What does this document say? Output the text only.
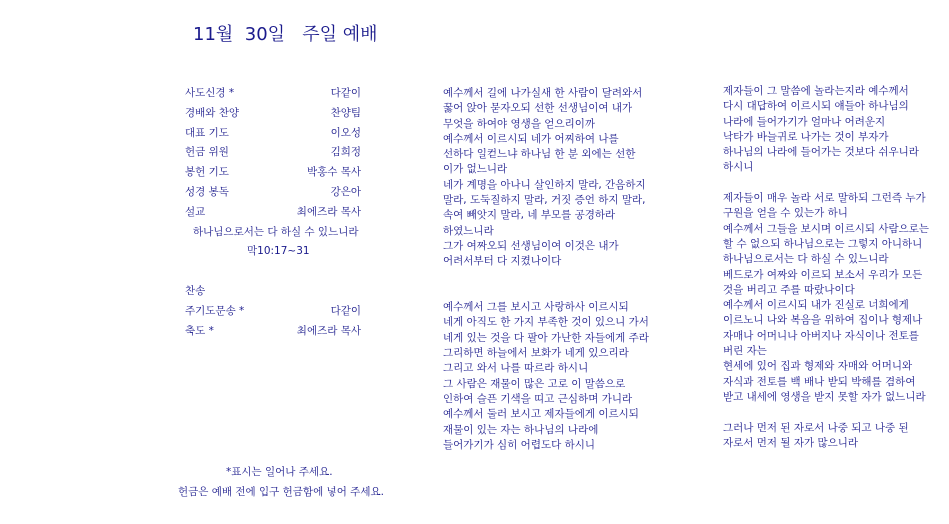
11월  30일   주일 예배
사도신경 *	다같이
경배와 찬양	찬양팀
대표 기도	이오성
헌금 위원	김희정
봉헌 기도	박홍수 목사
성경 봉독	강은아
설교	최에즈라 목사
하나님으로서는 다 하실 수 있느니라
막10:17~31
찬송
주기도문송 *	다같이
축도 *	최에즈라 목사
예수께서 길에 나가실새 한 사람이 달려와서
꿇어 앉아 묻자오되 선한 선생님이여 내가
무엇을 하여야 영생을 얻으리이까
예수께서 이르시되 네가 어찌하여 나를
선하다 일컫느냐 하나님 한 분 외에는 선한
이가 없느니라
네가 계명을 아나니 살인하지 말라, 간음하지
말라, 도둑질하지 말라, 거짓 증언 하지 말라,
속여 빼앗지 말라, 네 부모를 공경하라
하였느니라
그가 여짜오되 선생님이여 이것은 내가
어려서부터 다 지켰나이다
예수께서 그를 보시고 사랑하사 이르시되
네게 아직도 한 가지 부족한 것이 있으니 가서
네게 있는 것을 다 팔아 가난한 자들에게 주라
그리하면 하늘에서 보화가 네게 있으리라
그리고 와서 나를 따르라 하시니
그 사람은 재물이 많은 고로 이 말씀으로
인하여 슬픈 기색을 띠고 근심하며 가니라
예수께서 둘러 보시고 제자들에게 이르시되
재물이 있는 자는 하나님의 나라에
들어가기가 심히 어렵도다 하시니
제자들이 그 말씀에 놀라는지라 예수께서
다시 대답하여 이르시되 얘들아 하나님의
나라에 들어가기가 얼마나 어려운지
낙타가 바늘귀로 나가는 것이 부자가
하나님의 나라에 들어가는 것보다 쉬우니라
하시니
제자들이 매우 놀라 서로 말하되 그런즉 누가
구원을 얻을 수 있는가 하니
예수께서 그들을 보시며 이르시되 사람으로는
할 수 없으되 하나님으로는 그렇지 아니하니
하나님으로서는 다 하실 수 있느니라
베드로가 여짜와 이르되 보소서 우리가 모든
것을 버리고 주를 따랐나이다
예수께서 이르시되 내가 진실로 너희에게
이르노니 나와 복음을 위하여 집이나 형제나
자매나 어머니나 아버지나 자식이나 전토를
버린 자는
현세에 있어 집과 형제와 자매와 어머니와
자식과 전토를 백 배나 받되 박해를 겸하여
받고 내세에 영생을 받지 못할 자가 없느니라
그러나 먼저 된 자로서 나중 되고 나중 된
자로서 먼저 될 자가 많으니라
*표시는 일어나 주세요.
헌금은 예배 전에 입구 헌금함에 넣어 주세요.
